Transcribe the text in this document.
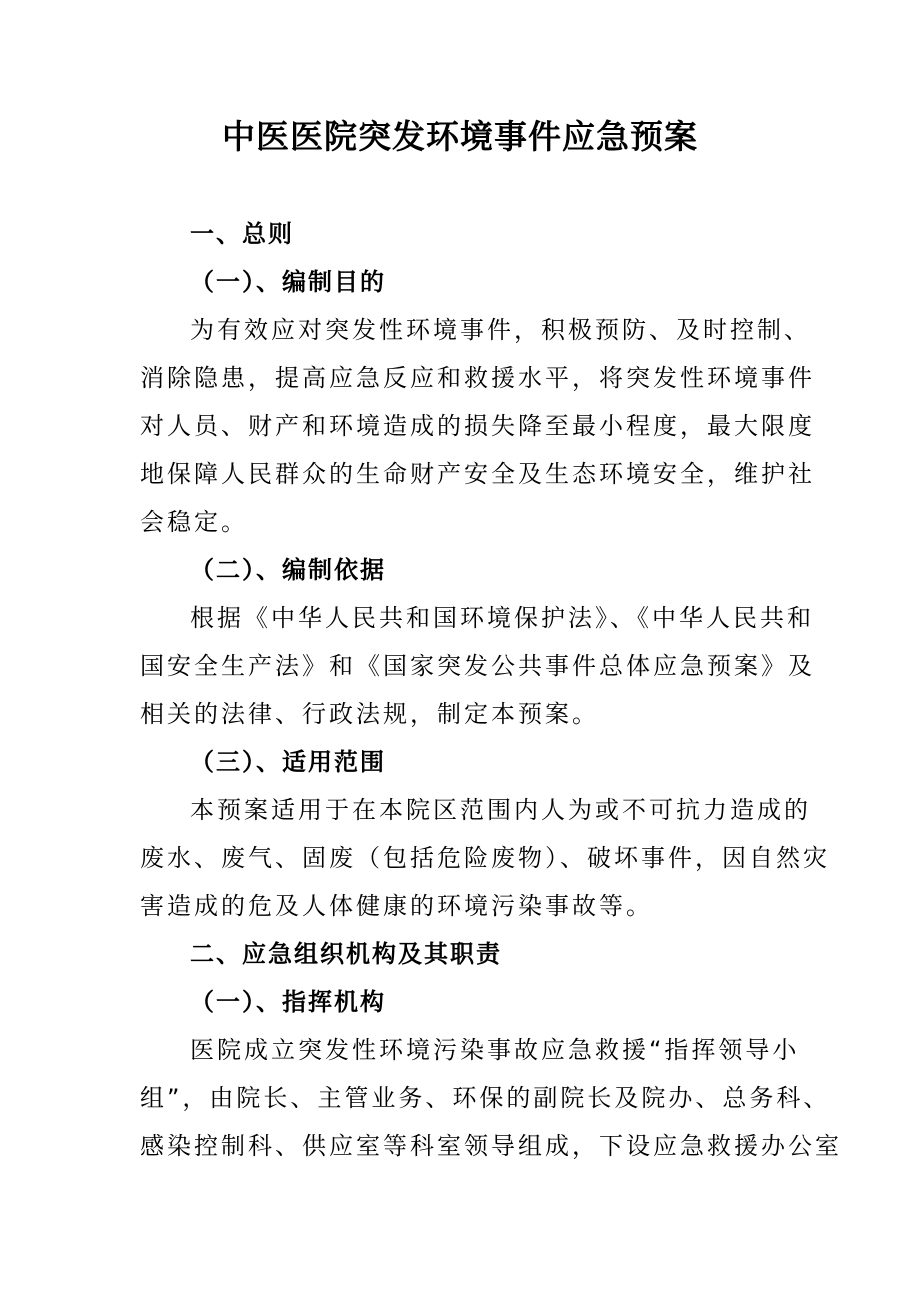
中医医院突发环境事件应急预案
一、总则
（一）、编制目的
为有效应对突发性环境事件，积极预防、及时控制、
消除隐患，提高应急反应和救援水平，将突发性环境事件
对人员、财产和环境造成的损失降至最小程度，最大限度
地保障人民群众的生命财产安全及生态环境安全，维护社
会稳定。
（二）、编制依据
根据《中华人民共和国环境保护法》、《中华人民共和
国安全生产法》和《国家突发公共事件总体应急预案》及
相关的法律、行政法规，制定本预案。
（三）、适用范围
本预案适用于在本院区范围内人为或不可抗力造成的
废水、废气、固废（包括危险废物）、破坏事件，因自然灾
害造成的危及人体健康的环境污染事故等。
二、应急组织机构及其职责
（一）、指挥机构
医院成立突发性环境污染事故应急救援“指挥领导小
组”，由院长、主管业务、环保的副院长及院办、总务科、
感染控制科、供应室等科室领导组成，下设应急救援办公室
